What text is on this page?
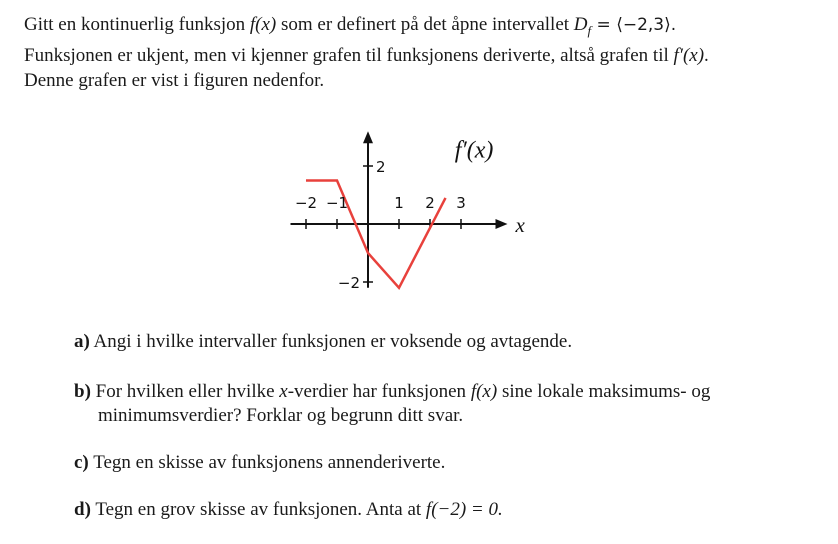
Gitt en kontinuerlig funksjon f(x) som er definert på det åpne intervallet $D_f$ = ⟨−2,3⟩.

Funksjonen er ukjent, men vi kjenner grafen til funksjonens deriverte, altså grafen til f′(x).

Denne grafen er vist i figuren nedenfor.

−2 −1	1 2 3
2
−2
x
f′(x)
a) Angi i hvilke intervaller funksjonen er voksende og avtagende.
b) For hvilken eller hvilke x-verdier har funksjonen f(x) sine lokale maksimums- og
minimumsverdier? Forklar og begrunn ditt svar.
c) Tegn en skisse av funksjonens annenderiverte.
d) Tegn en grov skisse av funksjonen. Anta at f(−2) = 0.
